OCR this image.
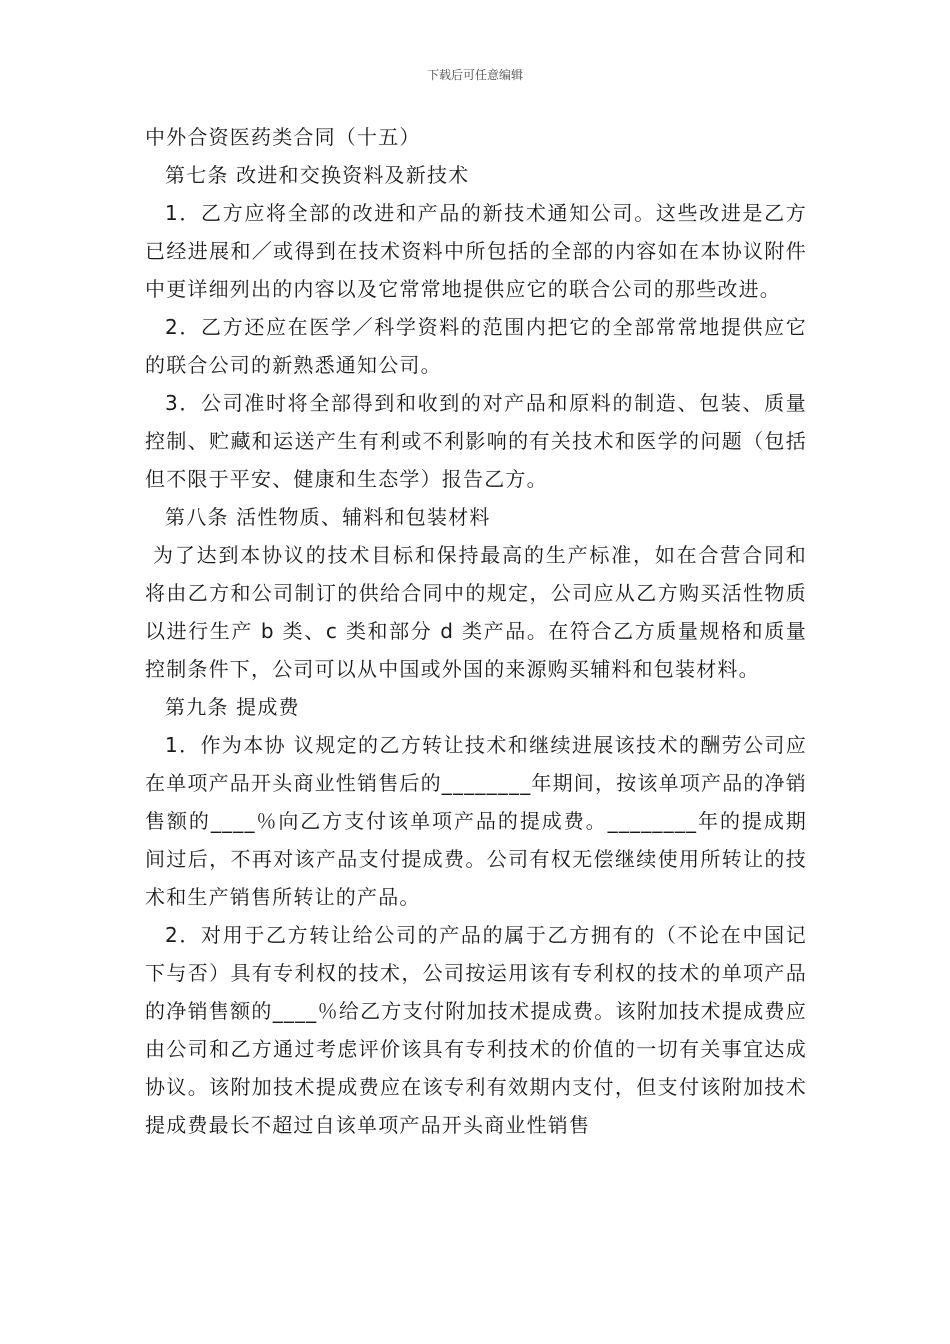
下载后可任意编辑

中外合资医药类合同（十五）

第七条 改进和交换资料及新技术

1．乙方应将全部的改进和产品的新技术通知公司。这些改进是乙方已经进展和／或得到在技术资料中所包括的全部的内容如在本协议附件中更详细列出的内容以及它常常地提供应它的联合公司的那些改进。

2．乙方还应在医学／科学资料的范围内把它的全部常常地提供应它的联合公司的新熟悉通知公司。

3．公司准时将全部得到和收到的对产品和原料的制造、包装、质量控制、贮藏和运送产生有利或不利影响的有关技术和医学的问题（包括但不限于平安、健康和生态学）报告乙方。

第八条 活性物质、辅料和包装材料

为了达到本协议的技术目标和保持最高的生产标准，如在合营合同和将由乙方和公司制订的供给合同中的规定，公司应从乙方购买活性物质以进行生产 b 类、c 类和部分 d 类产品。在符合乙方质量规格和质量控制条件下，公司可以从中国或外国的来源购买辅料和包装材料。

第九条 提成费

1．作为本协 议规定的乙方转让技术和继续进展该技术的酬劳公司应在单项产品开头商业性销售后的________年期间，按该单项产品的净销售额的____％向乙方支付该单项产品的提成费。________年的提成期间过后，不再对该产品支付提成费。公司有权无偿继续使用所转让的技术和生产销售所转让的产品。

2．对用于乙方转让给公司的产品的属于乙方拥有的（不论在中国记下与否）具有专利权的技术，公司按运用该有专利权的技术的单项产品的净销售额的____％给乙方支付附加技术提成费。该附加技术提成费应由公司和乙方通过考虑评价该具有专利技术的价值的一切有关事宜达成协议。该附加技术提成费应在该专利有效期内支付，但支付该附加技术提成费最长不超过自该单项产品开头商业性销售
